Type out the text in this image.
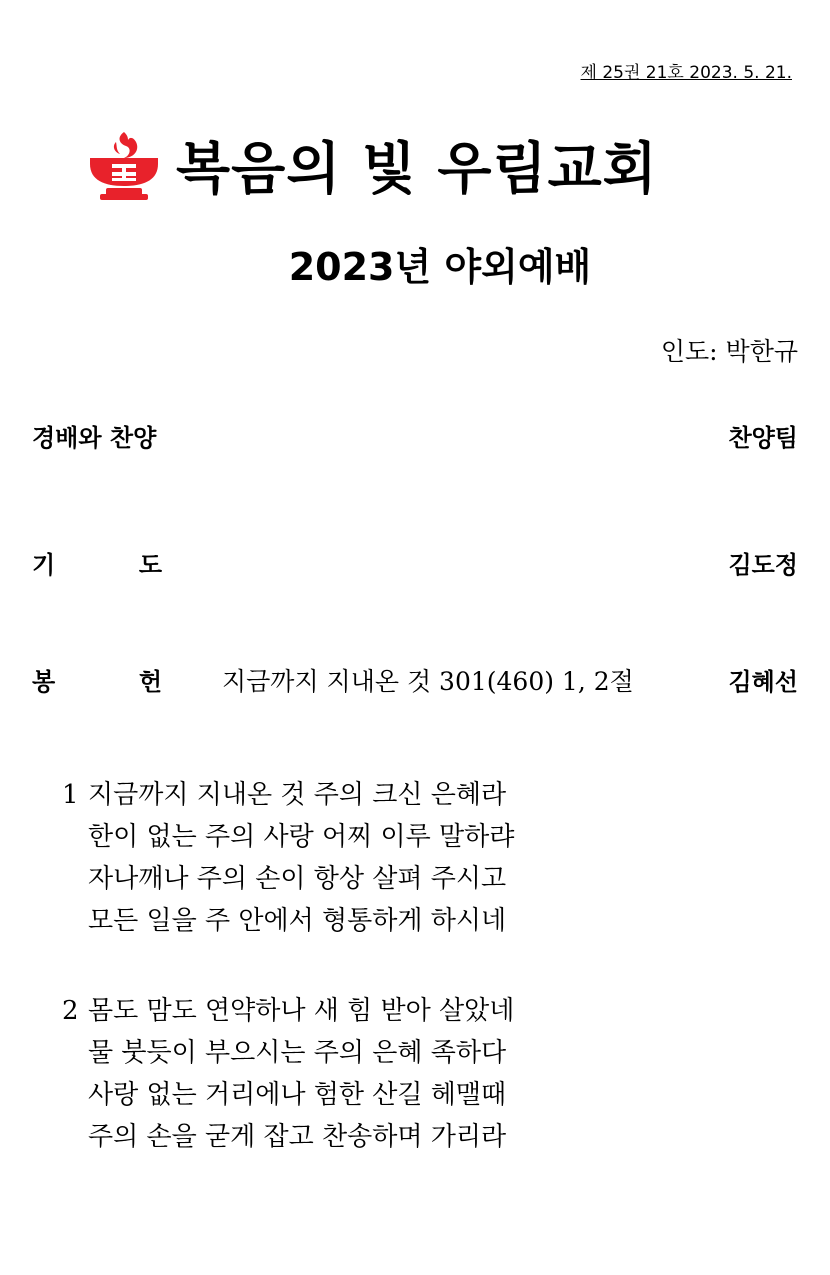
제 25권 21호 2023. 5. 21.
복음의 빛 우림교회
2023년 야외예배
인도: 박한규
경배와 찬양	찬양팀
기	도	김도정
봉	헌 지금까지 지내온 것 301(460) 1, 2절	김혜선
1 지금까지 지내온 것 주의 크신 은혜라
한이 없는 주의 사랑 어찌 이루 말하랴
자나깨나 주의 손이 항상 살펴 주시고
모든 일을 주 안에서 형통하게 하시네
2 몸도 맘도 연약하나 새 힘 받아 살았네
물 붓듯이 부으시는 주의 은혜 족하다
사랑 없는 거리에나 험한 산길 헤맬때
주의 손을 굳게 잡고 찬송하며 가리라
